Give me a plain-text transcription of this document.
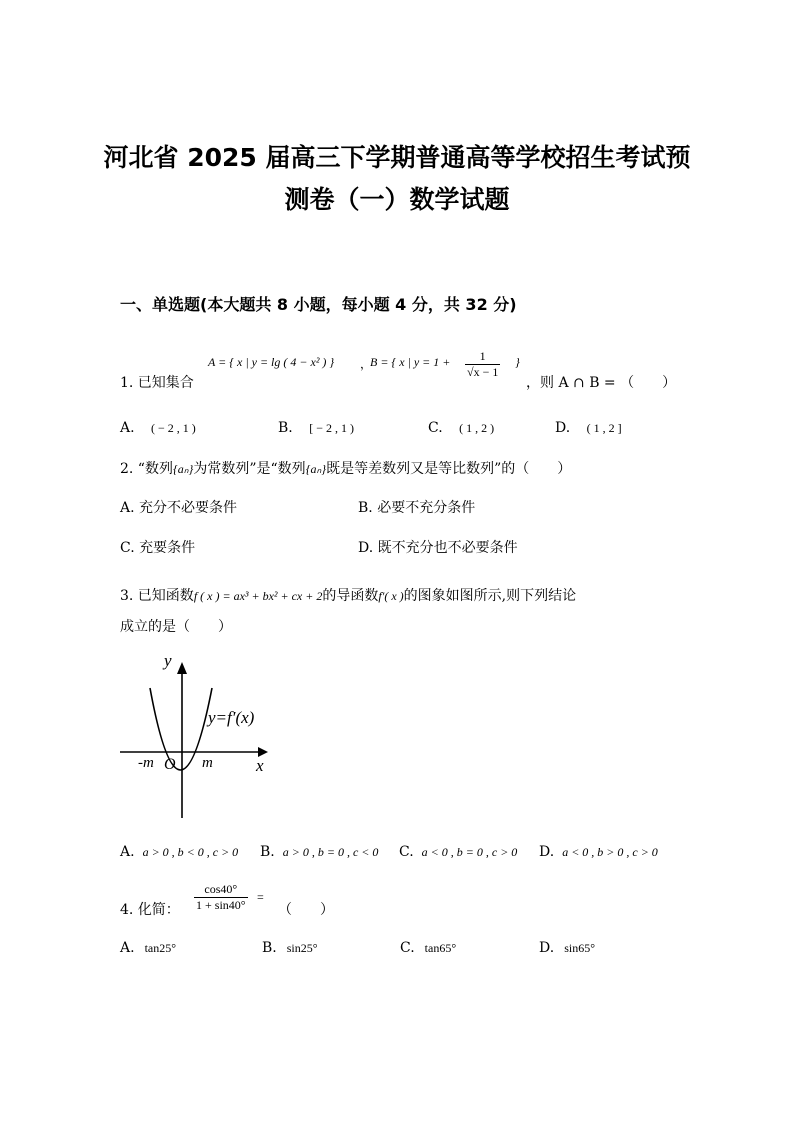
河北省 2025 届高三下学期普通高等学校招生考试预
测卷（一）数学试题
一、单选题(本大题共 8 小题，每小题 4 分，共 32 分)
1. 已知集合
A = { x | y = lg ( 4 − x² ) } ，
B = { x | $y = 1 + \frac{1}{√x - 1}$ }
，则 A ∩ B = （　　）
A. ( − 2 , 1 )	B. [ − 2 , 1 )	C. ( 1 , 2 )	D. ( 1 , 2 ]
2. “数列{aₙ}为常数列”是“数列{aₙ}既是等差数列又是等比数列”的（　　）
A. 充分不必要条件	B. 必要不充分条件
C. 充要条件	D. 既不充分也不必要条件
3. 已知函数f ( x ) = ax³ + bx² + cx + 2的导函数f′( x )的图象如图所示,则下列结论
成立的是（　　）
y
x
O
-m	m
y=f′(x)
A. a > 0 , b < 0 , c > 0 B. a > 0 , b = 0 , c < 0 C. a < 0 , b = 0 , c > 0 D. a < 0 , b > 0 , c > 0
4. 化简： $\frac{\cos 40^\circ}{1 + \sin 40^\circ}$ =
（　　）
A. tan25°	B. sin25°	C. tan65°	D. sin65°
